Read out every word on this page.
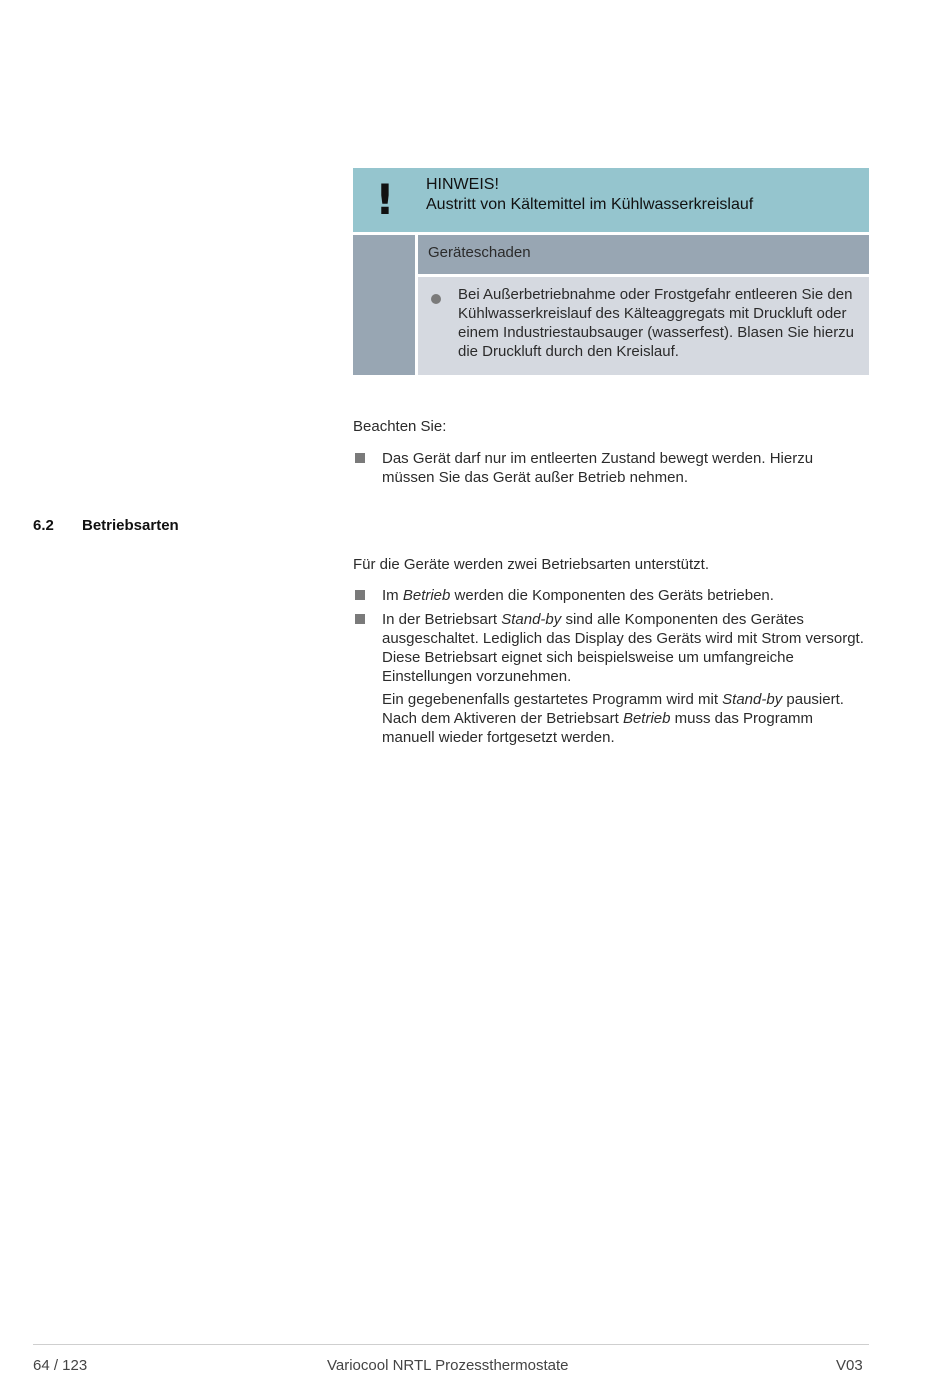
! HINWEIS!
Austritt von Kältemittel im Kühlwasserkreislauf
Geräteschaden

Bei Außerbetriebnahme oder Frostgefahr entleeren Sie den Kühlwasserkreislauf des Kälteaggregats mit Druckluft oder einem Industriestaubsauger (wasserfest). Blasen Sie hierzu die Druckluft durch den Kreislauf.

Beachten Sie:

Das Gerät darf nur im entleerten Zustand bewegt werden. Hierzu müssen Sie das Gerät außer Betrieb nehmen.

6.2 Betriebsarten

Für die Geräte werden zwei Betriebsarten unterstützt.

Im Betrieb werden die Komponenten des Geräts betrieben.

In der Betriebsart Stand-by sind alle Komponenten des Gerätes ausgeschaltet. Lediglich das Display des Geräts wird mit Strom versorgt. Diese Betriebsart eignet sich beispielsweise um umfangreiche Einstellungen vorzunehmen.

Ein gegebenenfalls gestartetes Programm wird mit Stand-by pausiert. Nach dem Aktiveren der Betriebsart Betrieb muss das Programm manuell wieder fortgesetzt werden.

64 / 123	Variocool NRTL Prozessthermostate	V03
